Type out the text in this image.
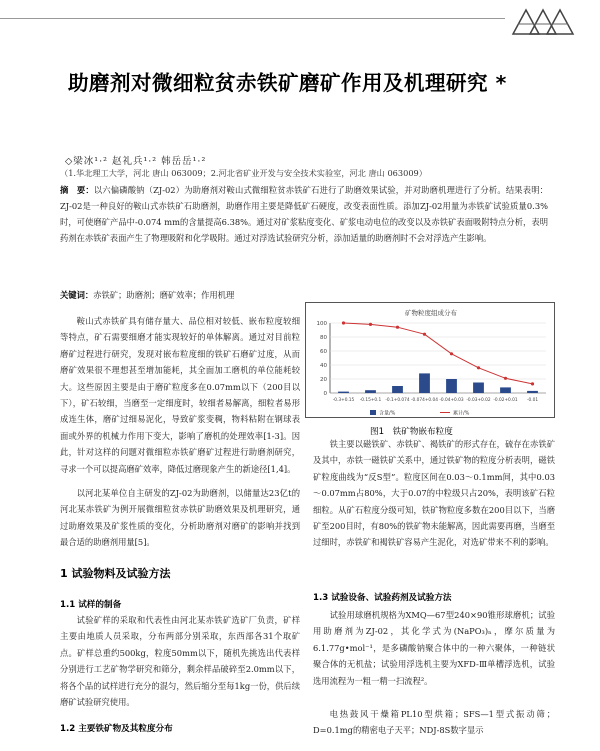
助磨剂对微细粒贫赤铁矿磨矿作用及机理研究 *
◇梁冰¹·² 赵礼兵¹·² 韩岳岳¹·²
（1.华北理工大学，河北 唐山 063009；2.河北省矿业开发与安全技术实验室，河北 唐山 063009）
摘　要：以六偏磷酸钠（ZJ-02）为助磨剂对鞍山式微细粒贫赤铁矿石进行了助磨效果试验，并对助磨机理进行了分析。结果表明：ZJ-02是一种良好的鞍山式赤铁矿石助磨剂，助磨作用主要是降低矿石硬度，改变表面性质。添加ZJ-02用量为赤铁矿试验质量0.3%时，可使磨矿产品中-0.074 mm的含量提高6.38%。通过对矿浆粘度变化、矿浆电动电位的改变以及赤铁矿表面吸附特点分析，表明药剂在赤铁矿表面产生了物理吸附和化学吸附。通过对浮选试验研究分析，添加适量的助磨剂时不会对浮选产生影响。
关键词：赤铁矿；助磨剂；磨矿效率；作用机理

鞍山式赤铁矿具有储存量大、品位相对较低、嵌布粒度较细等特点，矿石需要细磨才能实现较好的单体解离。通过对目前粒磨矿过程进行研究，发现对嵌布粒度细的铁矿石磨矿过度，从而磨矿效果很不理想甚至增加能耗，其全面加工磨机的单位能耗较大。这些原因主要是由于磨矿粒度多在0.07mm以下（200目以下），矿石较细，当磨至一定细度时，较细者易解离，细粒者易形成连生体，磨矿过细易泥化，导致矿浆变稠，物料粘附在钢球表面或外界的机械力作用下变大，影响了磨机的处理效率[1-3]。因此，针对这样的问题对微细粒赤铁矿磨矿过程进行助磨剂研究，寻求一个可以提高磨矿效率，降低过磨现象产生的新途径[1,4]。

以河北某单位自主研发的ZJ-02为助磨剂，以储量达23亿t的河北某赤铁矿为例开展微细粒贫赤铁矿助磨效果及机理研究，通过助磨效果及矿浆性质的变化，分析助磨剂对磨矿的影响并找到最合适的助磨剂用量[5]。

1 试验物料及试验方法
1.1 试样的制备
试验矿样的采取和代表性由河北某赤铁矿选矿厂负责，矿样主要由地质人员采取，分布两部分别采取，东西部各31个取矿点。矿样总重约500kg，粒度50mm以下，随机先挑选出代表样分别进行工艺矿物学研究和筛分，剩余样品破碎至2.0mm以下，将各个品的试样进行充分的混匀，然后缩分至每1kg一份，供后续磨矿试验研究使用。
1.2 主要铁矿物及其粒度分布
矿物粒度组成分布
100
80
60
40
20
0
-0.3+0.15 -0.15+0.1 -0.1+0.074 -0.074+0.04 -0.04+0.03 -0.03+0.02 -0.02+0.01 -0.01
含量/%	累计/%
图1　铁矿物嵌布粒度
铁主要以磁铁矿、赤铁矿、褐铁矿的形式存在，硫存在赤铁矿及其中，赤铁一磁铁矿关系中，通过铁矿物的粒度分析表明，磁铁矿粒度曲线为“反S型”。粒度区间在0.03～0.1mm间，其中0.03～0.07mm占80%，大于0.07的中粒级只占20%，表明该矿石粒细粒。从矿石粒度分级可知，铁矿物粒度多数在200目以下，当磨矿至200目时，有80%的铁矿物未能解离，因此需要再磨，当磨至过细时，赤铁矿和褐铁矿容易产生泥化，对选矿带来不利的影响。
1.3 试验设备、试验药剂及试验方法
试验用球磨机规格为XMQ—67型240×90锥形球磨机；试验用助磨剂为ZJ-02，其化学式为(NaPO₃)ₙ，摩尔质量为6.1.77g•mol⁻¹，是多磷酸钠聚合体中的一种六聚体，一种链状聚合体的无机盐；试验用浮选机主要为XFD-Ⅲ单槽浮选机，试验选用流程为一粗一精一扫流程²。
电热鼓风干燥箱PL10型烘箱；SFS—1型式振动筛；D=0.1mg的精密电子天平；NDJ-8S数字显示
